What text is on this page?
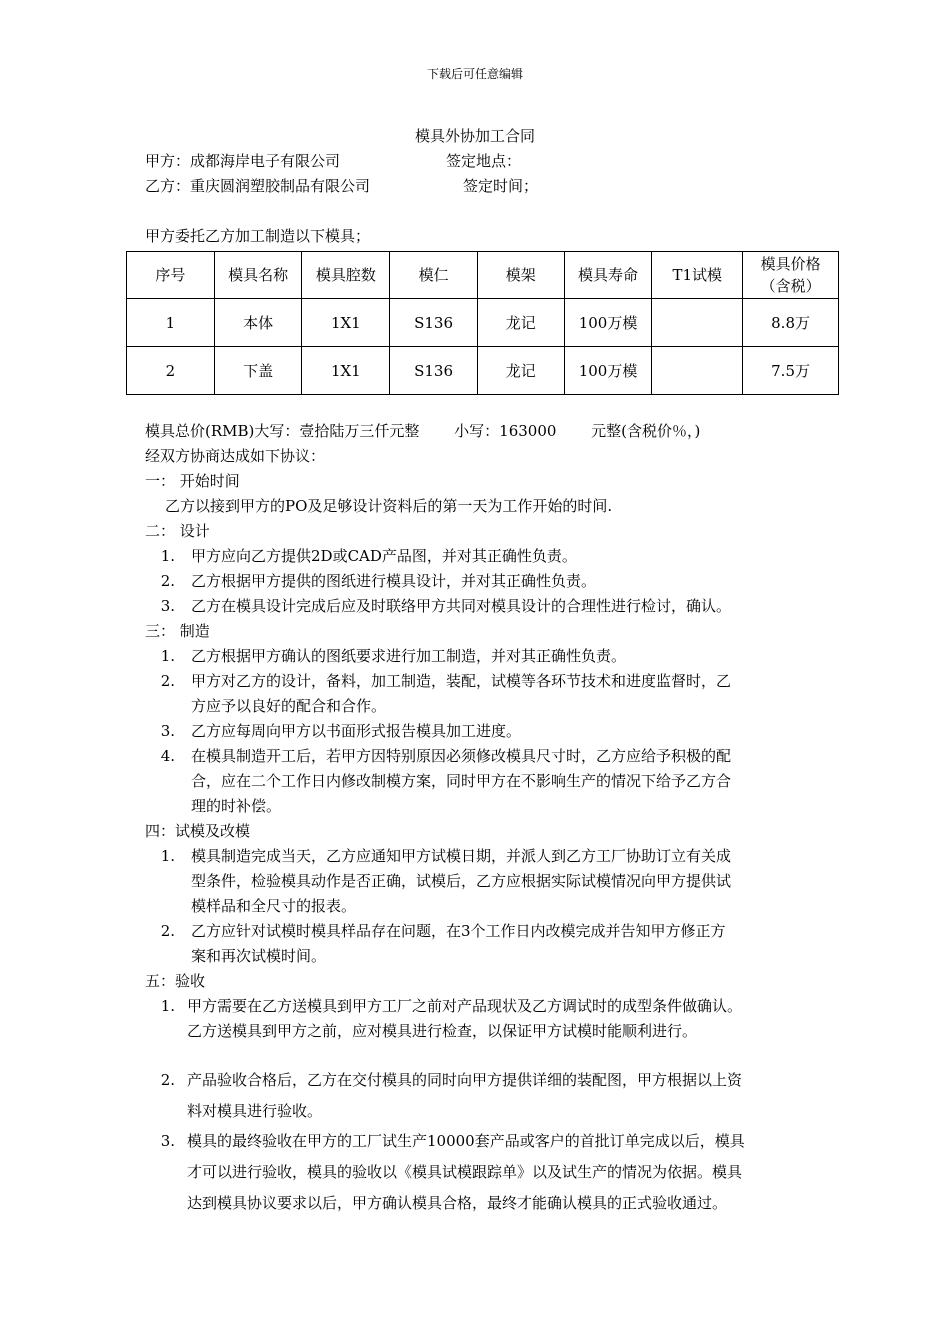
下载后可任意编辑
模具外协加工合同
甲方：成都海岸电子有限公司	签定地点：
乙方：重庆圆润塑胶制品有限公司	签定时间；
甲方委托乙方加工制造以下模具；
序号	模具名称	模具腔数	模仁	模架	模具寿命	T1试模	模具价格
（含税）

1	本体	1X1	S136	龙记	100万模		8.8万
2	下盖	1X1	S136	龙记	100万模		7.5万
模具总价(RMB)大写：壹拾陆万三仟元整　　 小写：163000　　 元整(含税价％，)
经双方协商达成如下协议：
一： 开始时间
乙方以接到甲方的PO及足够设计资料后的第一天为工作开始的时间.
二： 设计
1. 甲方应向乙方提供2D或CAD产品图，并对其正确性负责。
2. 乙方根据甲方提供的图纸进行模具设计，并对其正确性负责。
3. 乙方在模具设计完成后应及时联络甲方共同对模具设计的合理性进行检讨，确认。
三： 制造
1. 乙方根据甲方确认的图纸要求进行加工制造，并对其正确性负责。
2. 甲方对乙方的设计，备料，加工制造，装配，试模等各环节技术和进度监督时，乙
方应予以良好的配合和合作。
3. 乙方应每周向甲方以书面形式报告模具加工进度。
4. 在模具制造开工后，若甲方因特别原因必须修改模具尺寸时，乙方应给予积极的配
合，应在二个工作日内修改制模方案，同时甲方在不影响生产的情况下给予乙方合
理的时补偿。
四：试模及改模
1. 模具制造完成当天，乙方应通知甲方试模日期，并派人到乙方工厂协助订立有关成
型条件，检验模具动作是否正确，试模后，乙方应根据实际试模情况向甲方提供试
模样品和全尺寸的报表。
2. 乙方应针对试模时模具样品存在问题，在3个工作日内改模完成并告知甲方修正方
案和再次试模时间。
五：验收
1. 甲方需要在乙方送模具到甲方工厂之前对产品现状及乙方调试时的成型条件做确认。
乙方送模具到甲方之前，应对模具进行检查，以保证甲方试模时能顺利进行。
2. 产品验收合格后，乙方在交付模具的同时向甲方提供详细的装配图，甲方根据以上资
料对模具进行验收。
3. 模具的最终验收在甲方的工厂试生产10000套产品或客户的首批订单完成以后，模具
才可以进行验收，模具的验收以《模具试模跟踪单》以及试生产的情况为依据。模具
达到模具协议要求以后，甲方确认模具合格，最终才能确认模具的正式验收通过。
